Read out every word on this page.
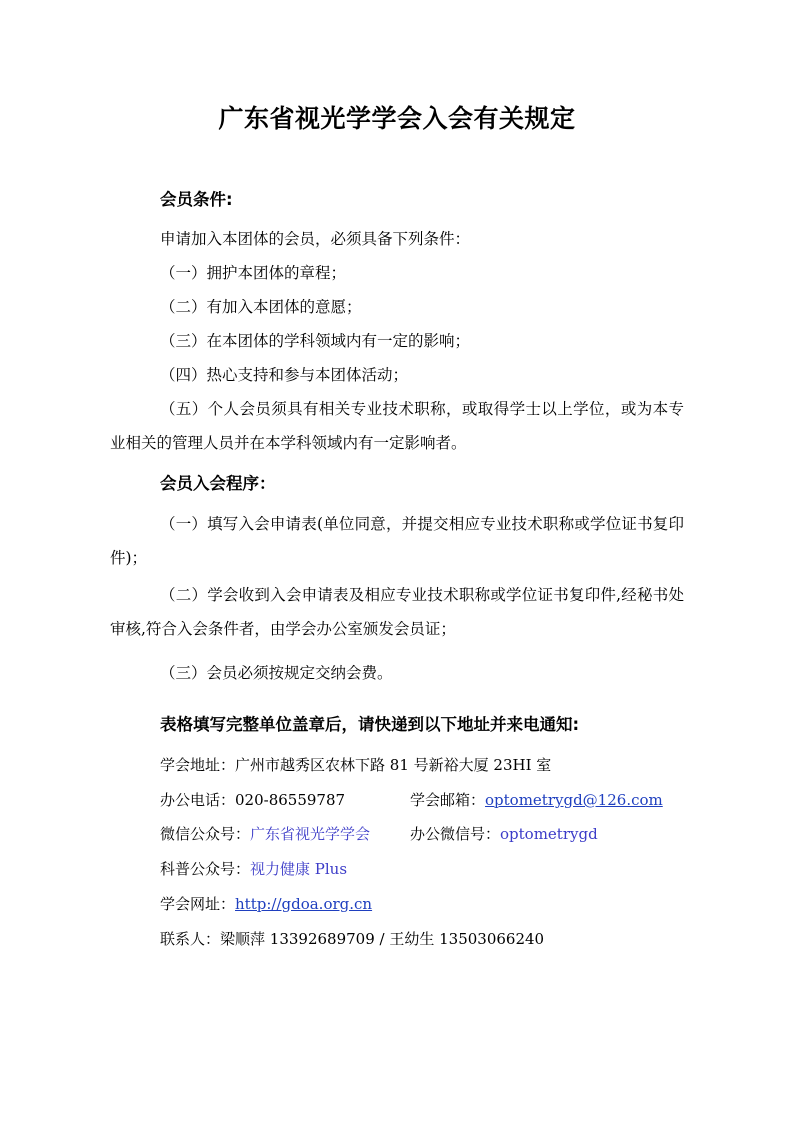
广东省视光学学会入会有关规定
会员条件:
申请加入本团体的会员，必须具备下列条件：
（一）拥护本团体的章程；
（二）有加入本团体的意愿；
（三）在本团体的学科领域内有一定的影响；
（四）热心支持和参与本团体活动；
（五）个人会员须具有相关专业技术职称，或取得学士以上学位，或为本专业相关的管理人员并在本学科领域内有一定影响者。
会员入会程序：
（一）填写入会申请表(单位同意，并提交相应专业技术职称或学位证书复印件)；
（二）学会收到入会申请表及相应专业技术职称或学位证书复印件,经秘书处审核,符合入会条件者，由学会办公室颁发会员证；
（三）会员必须按规定交纳会费。
表格填写完整单位盖章后，请快递到以下地址并来电通知:
学会地址：广州市越秀区农林下路 81 号新裕大厦 23HI 室
办公电话：020-86559787	学会邮箱：optometrygd@126.com
微信公众号：广东省视光学学会	办公微信号：optometrygd
科普公众号：视力健康 Plus
学会网址：http://gdoa.org.cn
联系人：梁顺萍 13392689709 / 王幼生 13503066240
